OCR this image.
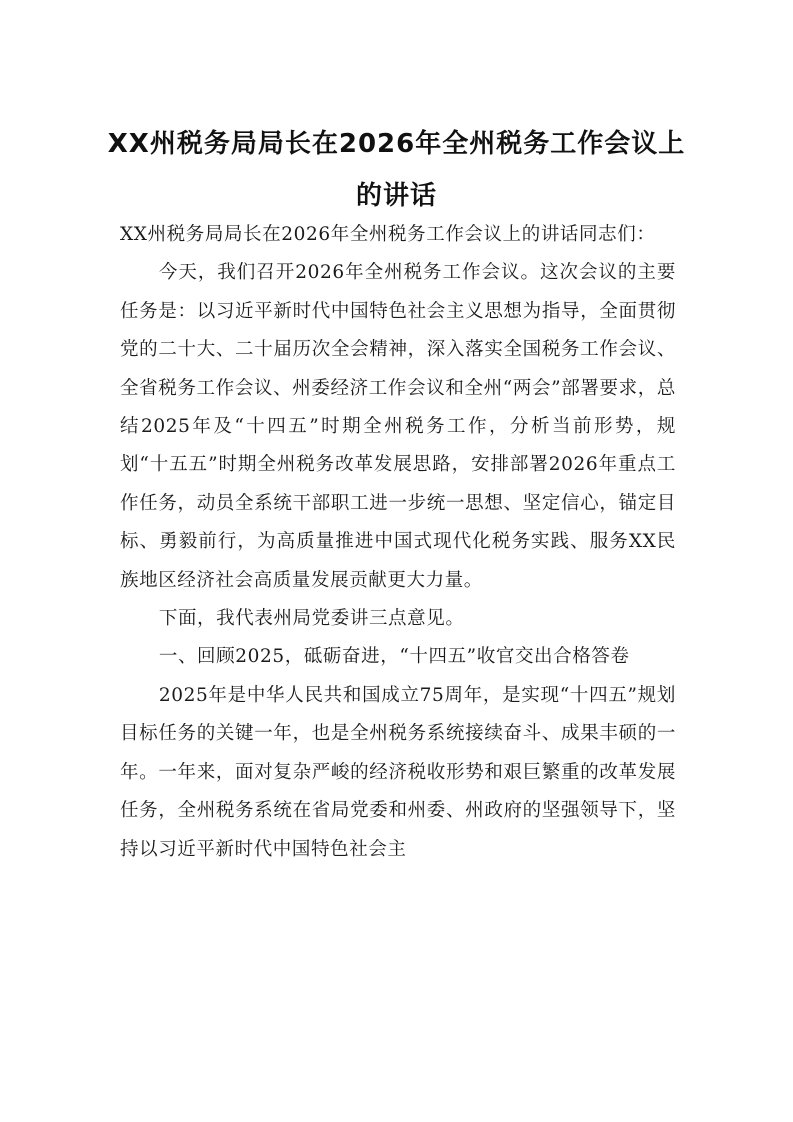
XX州税务局局长在2026年全州税务工作会议上的讲话

XX州税务局局长在2026年全州税务工作会议上的讲话同志们：

今天，我们召开2026年全州税务工作会议。这次会议的主要任务是：以习近平新时代中国特色社会主义思想为指导，全面贯彻党的二十大、二十届历次全会精神，深入落实全国税务工作会议、全省税务工作会议、州委经济工作会议和全州“两会”部署要求，总结2025年及“十四五”时期全州税务工作，分析当前形势，规划“十五五”时期全州税务改革发展思路，安排部署2026年重点工作任务，动员全系统干部职工进一步统一思想、坚定信心，锚定目标、勇毅前行，为高质量推进中国式现代化税务实践、服务XX民族地区经济社会高质量发展贡献更大力量。

下面，我代表州局党委讲三点意见。

一、回顾2025，砥砺奋进，“十四五”收官交出合格答卷

2025年是中华人民共和国成立75周年，是实现“十四五”规划目标任务的关键一年，也是全州税务系统接续奋斗、成果丰硕的一年。一年来，面对复杂严峻的经济税收形势和艰巨繁重的改革发展任务，全州税务系统在省局党委和州委、州政府的坚强领导下，坚持以习近平新时代中国特色社会主
